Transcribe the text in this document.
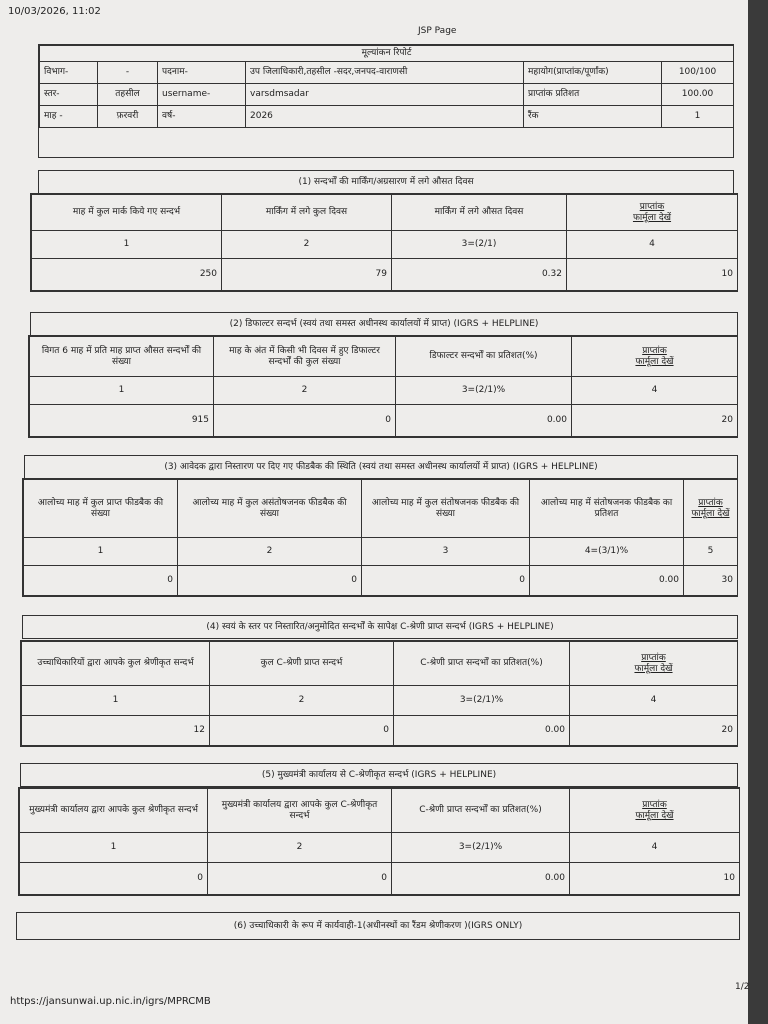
10/03/2026, 11:02
JSP Page
मूल्यांकन रिपोर्ट					
विभाग-	-	पदनाम-	उप जिलाधिकारी,तहसील -सदर,जनपद-वाराणसी	महायोग(प्राप्तांक/पूर्णांक)	100/100
स्तर-	तहसील	username-	varsdmsadar	प्राप्तांक प्रतिशत	100.00
माह -	फ़रवरी	वर्ष-	2026	रैंक	1
(1) सन्दर्भों की मार्किंग/अग्रसारण में लगे औसत दिवस
माह में कुल मार्क किये गए सन्दर्भ	मार्किंग में लगे कुल दिवस	मार्किंग में लगे औसत दिवस	प्राप्तांक
फार्मूला देखें
1	2	3=(2/1)	4
250	79	0.32	10
(2) डिफाल्टर सन्दर्भ (स्वयं तथा समस्त अधीनस्थ कार्यालयों में प्राप्त) (IGRS + HELPLINE)
विगत 6 माह में प्रति माह प्राप्त औसत सन्दर्भों की संख्या	माह के अंत में किसी भी दिवस में हुए डिफाल्टर सन्दर्भों की कुल संख्या	डिफाल्टर सन्दर्भों का प्रतिशत(%)	प्राप्तांक
फार्मूला देखें
1	2	3=(2/1)%	4
915	0	0.00	20
(3) आवेदक द्वारा निस्तारण पर दिए गए फीडबैक की स्थिति (स्वयं तथा समस्त अधीनस्थ कार्यालयों में प्राप्त) (IGRS + HELPLINE)
आलोच्य माह में कुल प्राप्त फीडबैक की संख्या	आलोच्य माह में कुल असंतोषजनक फीडबैक की संख्या	आलोच्य माह में कुल संतोषजनक फीडबैक की संख्या	आलोच्य माह में संतोषजनक फीडबैक का प्रतिशत	प्राप्तांक
फार्मूला देखें
1	2	3	4=(3/1)%	5
0	0	0	0.00	30
(4) स्वयं के स्तर पर निस्तारित/अनुमोदित सन्दर्भों के सापेक्ष C-श्रेणी प्राप्त सन्दर्भ (IGRS + HELPLINE)
उच्चाधिकारियों द्वारा आपके कुल श्रेणीकृत सन्दर्भ	कुल C-श्रेणी प्राप्त सन्दर्भ	C-श्रेणी प्राप्त सन्दर्भों का प्रतिशत(%)	प्राप्तांक
फार्मूला देखें
1	2	3=(2/1)%	4
12	0	0.00	20
(5) मुख्यमंत्री कार्यालय से C-श्रेणीकृत सन्दर्भ (IGRS + HELPLINE)
मुख्यमंत्री कार्यालय द्वारा आपके कुल श्रेणीकृत सन्दर्भ	मुख्यमंत्री कार्यालय द्वारा आपके कुल C-श्रेणीकृत सन्दर्भ	C-श्रेणी प्राप्त सन्दर्भों का प्रतिशत(%)	प्राप्तांक
फार्मूला देखें
1	2	3=(2/1)%	4
0	0	0.00	10
(6) उच्चाधिकारी के रूप में कार्यवाही-1(अधीनस्थों का रैंडम श्रेणीकरण )(IGRS ONLY)
1/2
https://jansunwai.up.nic.in/igrs/MPRCMB
